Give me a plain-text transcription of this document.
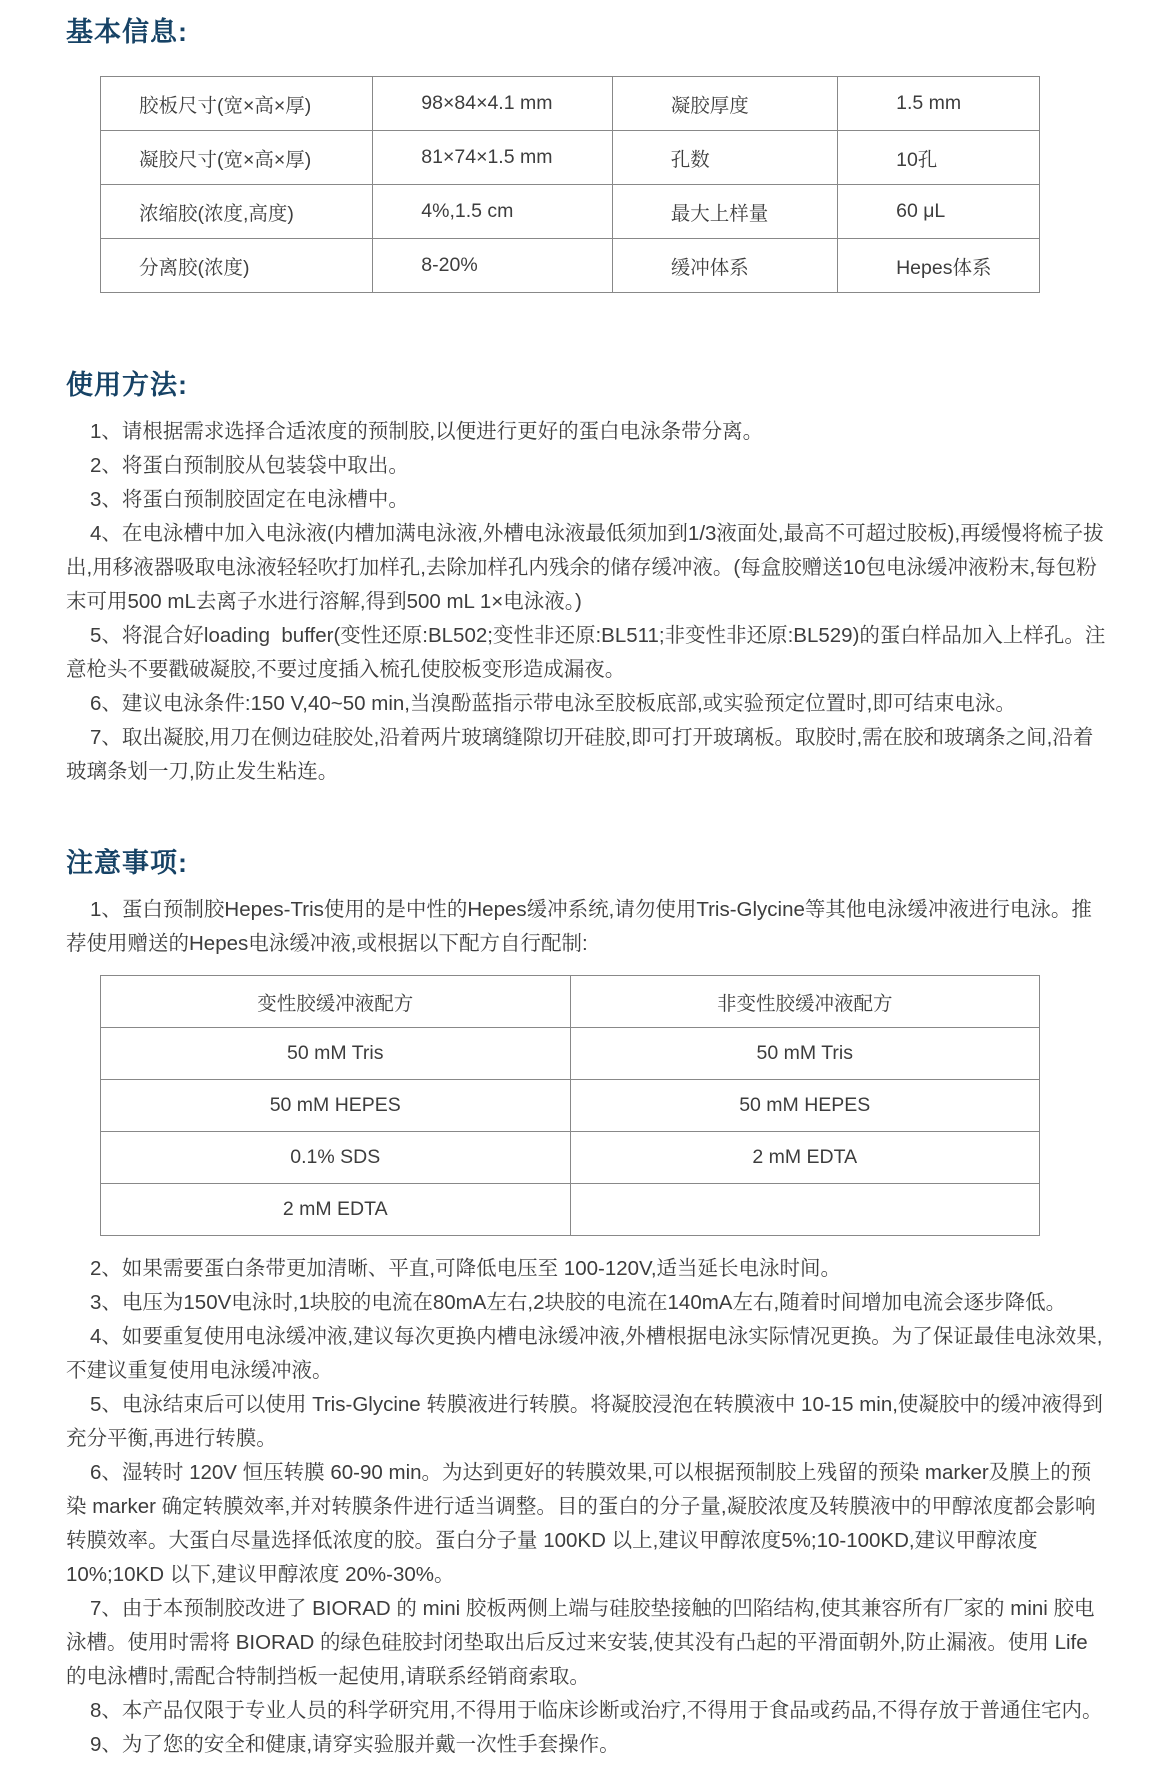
基本信息:
胶板尺寸(宽×高×厚)	98×84×4.1 mm	凝胶厚度	1.5 mm
凝胶尺寸(宽×高×厚)	81×74×1.5 mm	孔数	10孔
浓缩胶(浓度,高度)	4%,1.5 cm	最大上样量	60 μL
分离胶(浓度)	8-20%	缓冲体系	Hepes体系
使用方法:

1、请根据需求选择合适浓度的预制胶,以便进行更好的蛋白电泳条带分离。

2、将蛋白预制胶从包装袋中取出。

3、将蛋白预制胶固定在电泳槽中。

4、在电泳槽中加入电泳液(内槽加满电泳液,外槽电泳液最低须加到1/3液面处,最高不可超过胶板),再缓慢将梳子拔出,用移液器吸取电泳液轻轻吹打加样孔,去除加样孔内残余的储存缓冲液。(每盒胶赠送10包电泳缓冲液粉末,每包粉末可用500 mL去离子水进行溶解,得到500 mL 1×电泳液。)

5、将混合好loading  buffer(变性还原:BL502;变性非还原:BL511;非变性非还原:BL529)的蛋白样品加入上样孔。注意枪头不要戳破凝胶,不要过度插入梳孔使胶板变形造成漏夜。

6、建议电泳条件:150 V,40~50 min,当溴酚蓝指示带电泳至胶板底部,或实验预定位置时,即可结束电泳。

7、取出凝胶,用刀在侧边硅胶处,沿着两片玻璃缝隙切开硅胶,即可打开玻璃板。取胶时,需在胶和玻璃条之间,沿着玻璃条划一刀,防止发生粘连。

注意事项:

1、蛋白预制胶Hepes-Tris使用的是中性的Hepes缓冲系统,请勿使用Tris-Glycine等其他电泳缓冲液进行电泳。推荐使用赠送的Hepes电泳缓冲液,或根据以下配方自行配制:

变性胶缓冲液配方	非变性胶缓冲液配方
50 mM Tris	50 mM Tris
50 mM HEPES	50 mM HEPES
0.1% SDS	2 mM EDTA
2 mM EDTA	

2、如果需要蛋白条带更加清晰、平直,可降低电压至 100-120V,适当延长电泳时间。

3、电压为150V电泳时,1块胶的电流在80mA左右,2块胶的电流在140mA左右,随着时间增加电流会逐步降低。

4、如要重复使用电泳缓冲液,建议每次更换内槽电泳缓冲液,外槽根据电泳实际情况更换。为了保证最佳电泳效果,不建议重复使用电泳缓冲液。

5、电泳结束后可以使用 Tris-Glycine 转膜液进行转膜。将凝胶浸泡在转膜液中 10-15 min,使凝胶中的缓冲液得到充分平衡,再进行转膜。

6、湿转时 120V 恒压转膜 60-90 min。为达到更好的转膜效果,可以根据预制胶上残留的预染 marker及膜上的预染 marker 确定转膜效率,并对转膜条件进行适当调整。目的蛋白的分子量,凝胶浓度及转膜液中的甲醇浓度都会影响转膜效率。大蛋白尽量选择低浓度的胶。蛋白分子量 100KD 以上,建议甲醇浓度5%;10-100KD,建议甲醇浓度 10%;10KD 以下,建议甲醇浓度 20%-30%。

7、由于本预制胶改进了 BIORAD 的 mini 胶板两侧上端与硅胶垫接触的凹陷结构,使其兼容所有厂家的 mini 胶电泳槽。使用时需将 BIORAD 的绿色硅胶封闭垫取出后反过来安装,使其没有凸起的平滑面朝外,防止漏液。使用 Life 的电泳槽时,需配合特制挡板一起使用,请联系经销商索取。

8、本产品仅限于专业人员的科学研究用,不得用于临床诊断或治疗,不得用于食品或药品,不得存放于普通住宅内。

9、为了您的安全和健康,请穿实验服并戴一次性手套操作。
